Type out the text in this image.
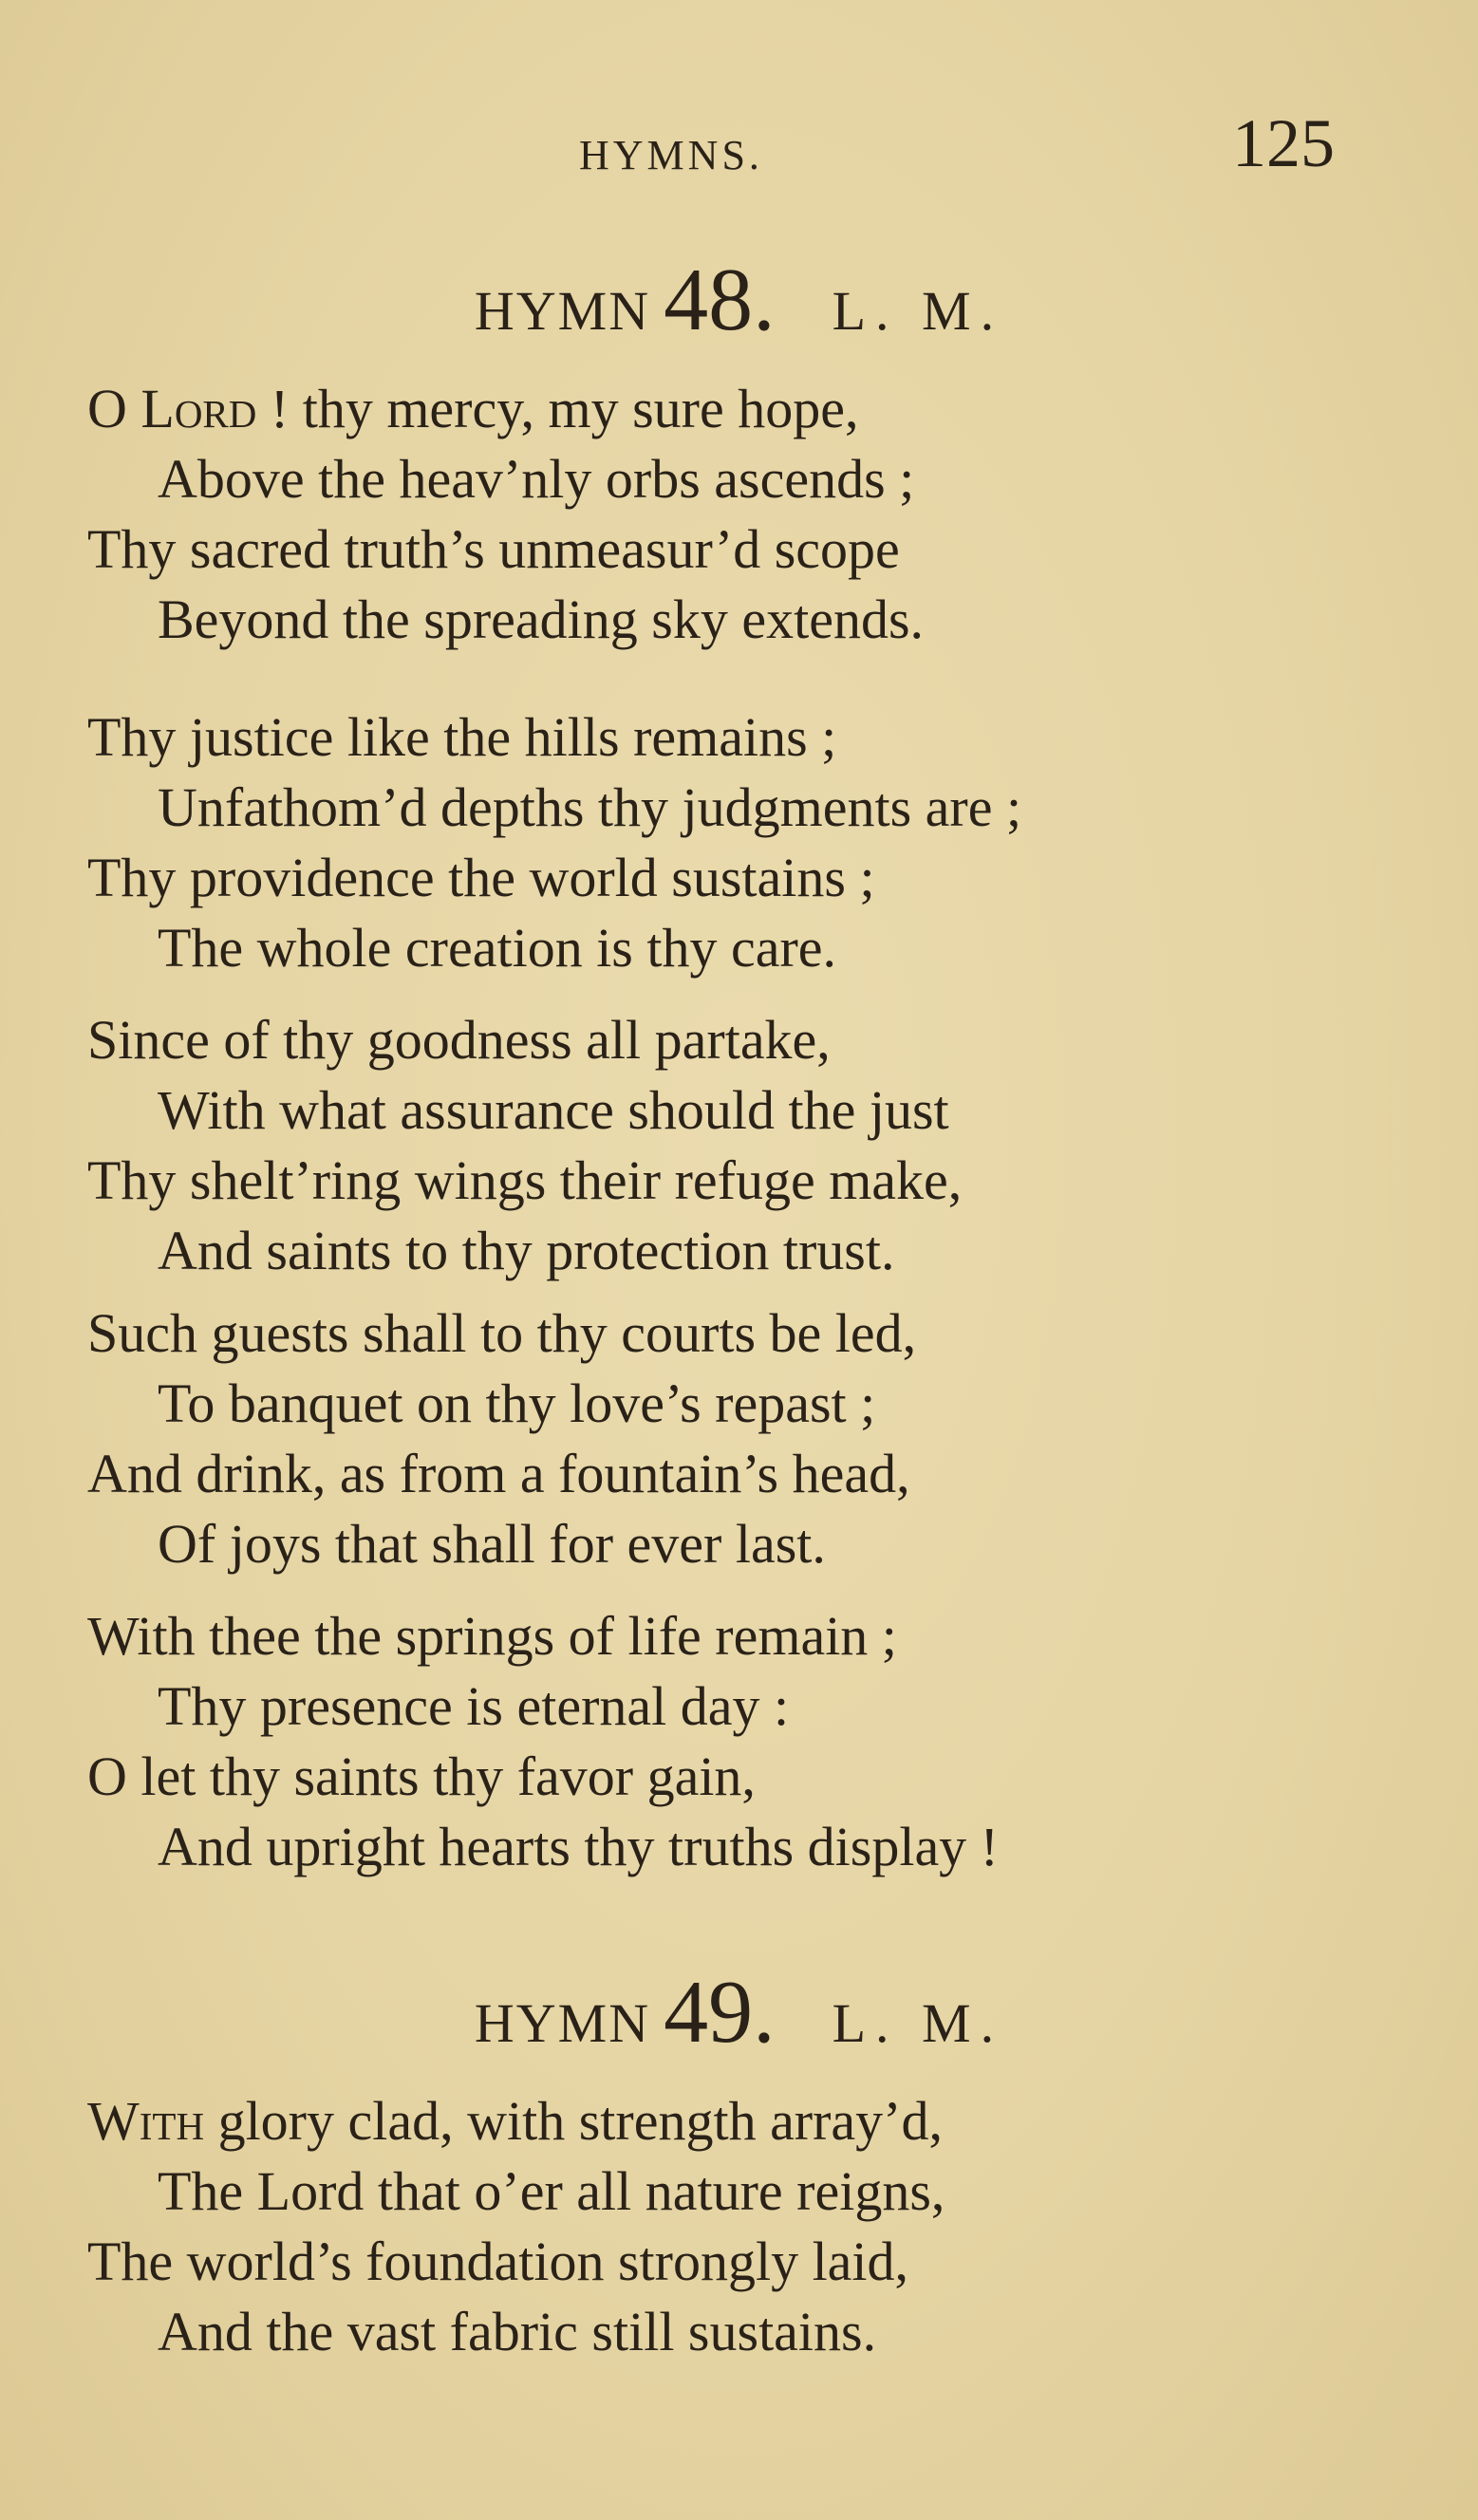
HYMNS.	125
HYMN 48. L. M.
O Lord ! thy mercy, my sure hope,
Above the heav’nly orbs ascends ;
Thy sacred truth’s unmeasur’d scope
Beyond the spreading sky extends.
Thy justice like the hills remains ;
Unfathom’d depths thy judgments are ;
Thy providence the world sustains ;
The whole creation is thy care.
Since of thy goodness all partake,
With what assurance should the just
Thy shelt’ring wings their refuge make,
And saints to thy protection trust.
Such guests shall to thy courts be led,
To banquet on thy love’s repast ;
And drink, as from a fountain’s head,
Of joys that shall for ever last.
With thee the springs of life remain ;
Thy presence is eternal day :
O let thy saints thy favor gain,
And upright hearts thy truths display !
HYMN 49. L. M.
With glory clad, with strength array’d,
The Lord that o’er all nature reigns,
The world’s foundation strongly laid,
And the vast fabric still sustains.
